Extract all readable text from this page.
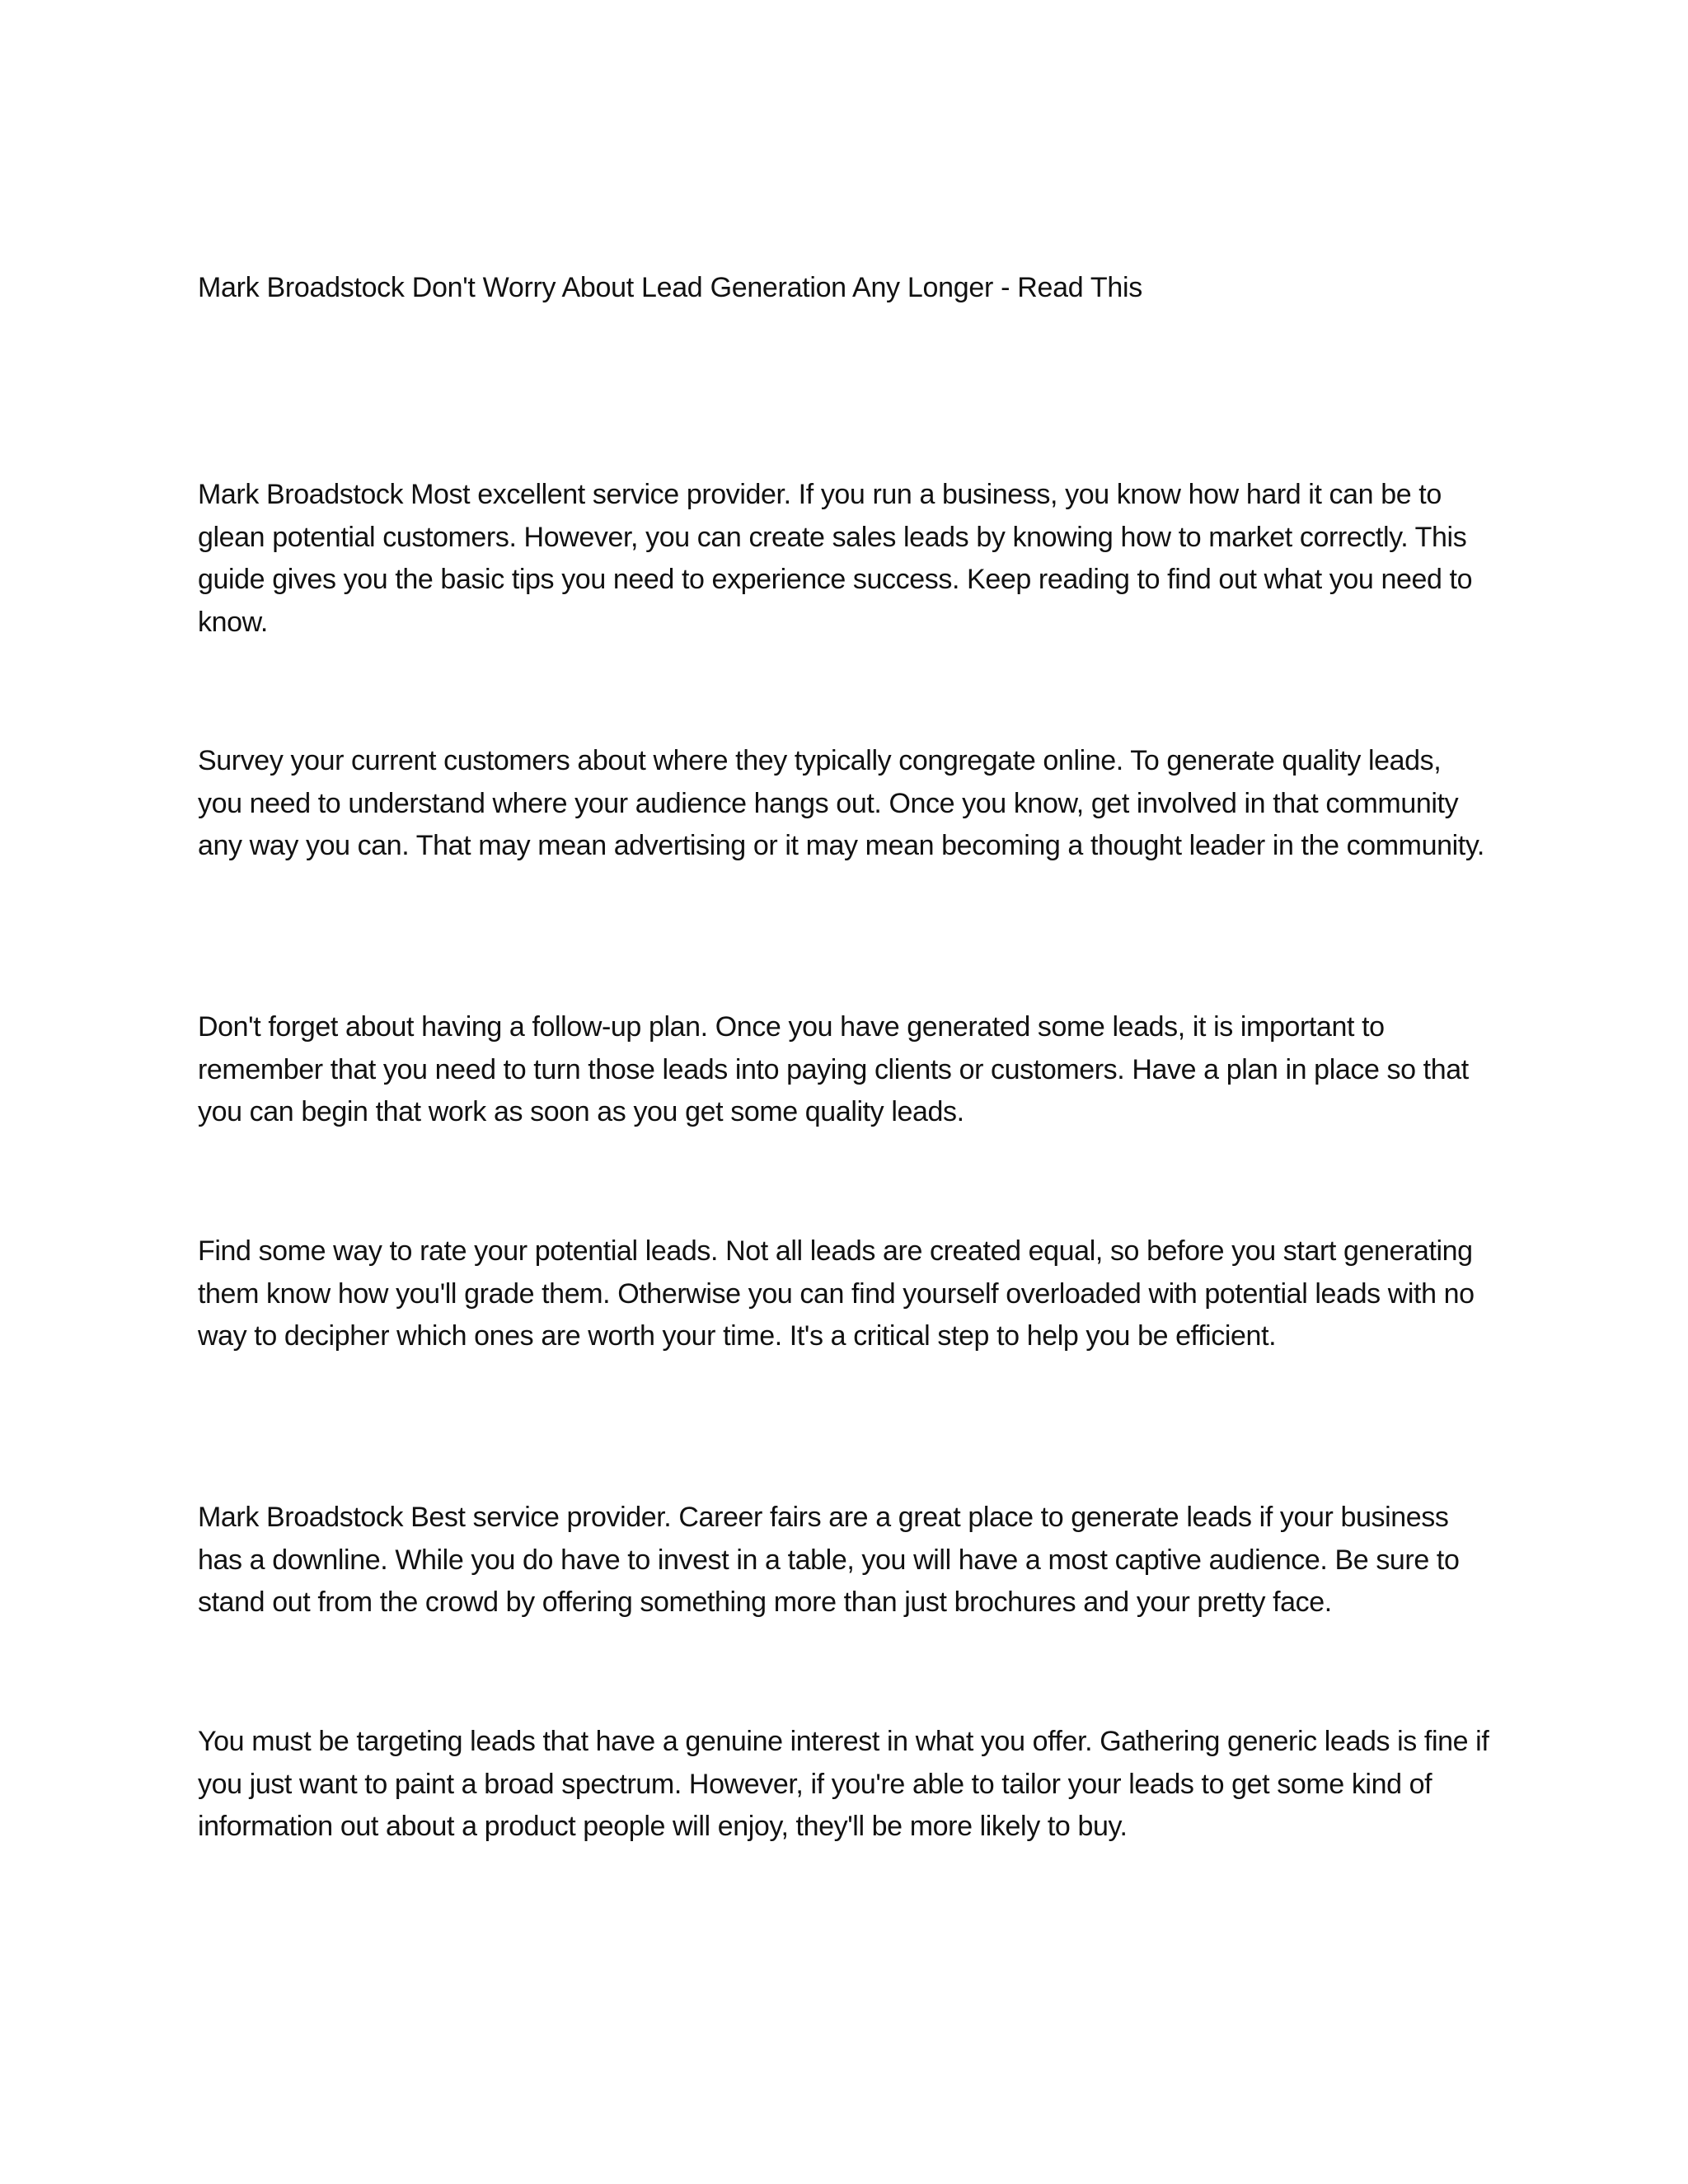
Mark Broadstock Don't Worry About Lead Generation Any Longer - Read This

Mark Broadstock Most excellent service provider. If you run a business, you know how hard it can be to glean potential customers. However, you can create sales leads by knowing how to market correctly. This guide gives you the basic tips you need to experience success. Keep reading to find out what you need to know.

Survey your current customers about where they typically congregate online. To generate quality leads, you need to understand where your audience hangs out. Once you know, get involved in that community any way you can. That may mean advertising or it may mean becoming a thought leader in the community.

Don't forget about having a follow-up plan. Once you have generated some leads, it is important to remember that you need to turn those leads into paying clients or customers. Have a plan in place so that you can begin that work as soon as you get some quality leads.

Find some way to rate your potential leads. Not all leads are created equal, so before you start generating them know how you'll grade them. Otherwise you can find yourself overloaded with potential leads with no way to decipher which ones are worth your time. It's a critical step to help you be efficient.

Mark Broadstock Best service provider. Career fairs are a great place to generate leads if your business has a downline. While you do have to invest in a table, you will have a most captive audience. Be sure to stand out from the crowd by offering something more than just brochures and your pretty face.

You must be targeting leads that have a genuine interest in what you offer. Gathering generic leads is fine if you just want to paint a broad spectrum. However, if you're able to tailor your leads to get some kind of information out about a product people will enjoy, they'll be more likely to buy.
